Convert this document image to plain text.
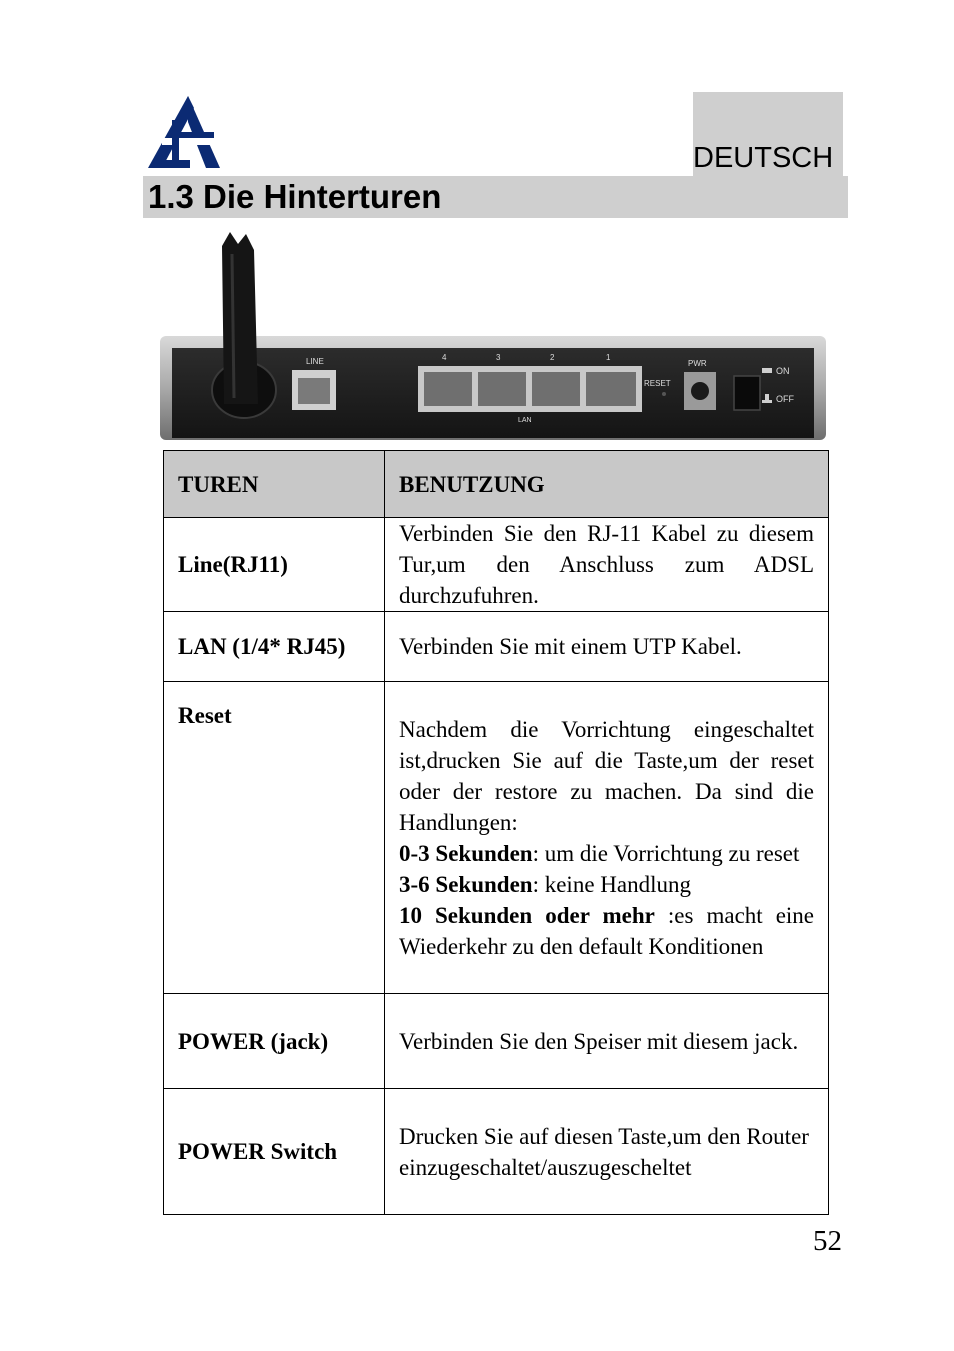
DEUTSCH
1.3 Die Hinterturen
LINE	4	3	2	1
LAN
RESET
PWR
ON
OFF
TUREN	BENUTZUNG
Line(RJ11)	Verbinden Sie den RJ-11 Kabel zu diesem Tur,um den Anschluss zum ADSL durchzufuhren.
LAN (1/4* RJ45)	Verbinden Sie mit einem UTP Kabel.
Reset	Nachdem die Vorrichtung eingeschaltet ist,drucken Sie auf die Taste,um der reset oder der restore zu machen. Da sind die Handlungen:
0-3 Sekunden: um die Vorrichtung zu reset
3-6 Sekunden: keine Handlung
10 Sekunden oder mehr :es macht eine Wiederkehr zu den default Konditionen
POWER (jack)	Verbinden Sie den Speiser mit diesem jack.
POWER Switch	Drucken Sie auf diesen Taste,um den Router einzugeschaltet/auszugescheltet
52
